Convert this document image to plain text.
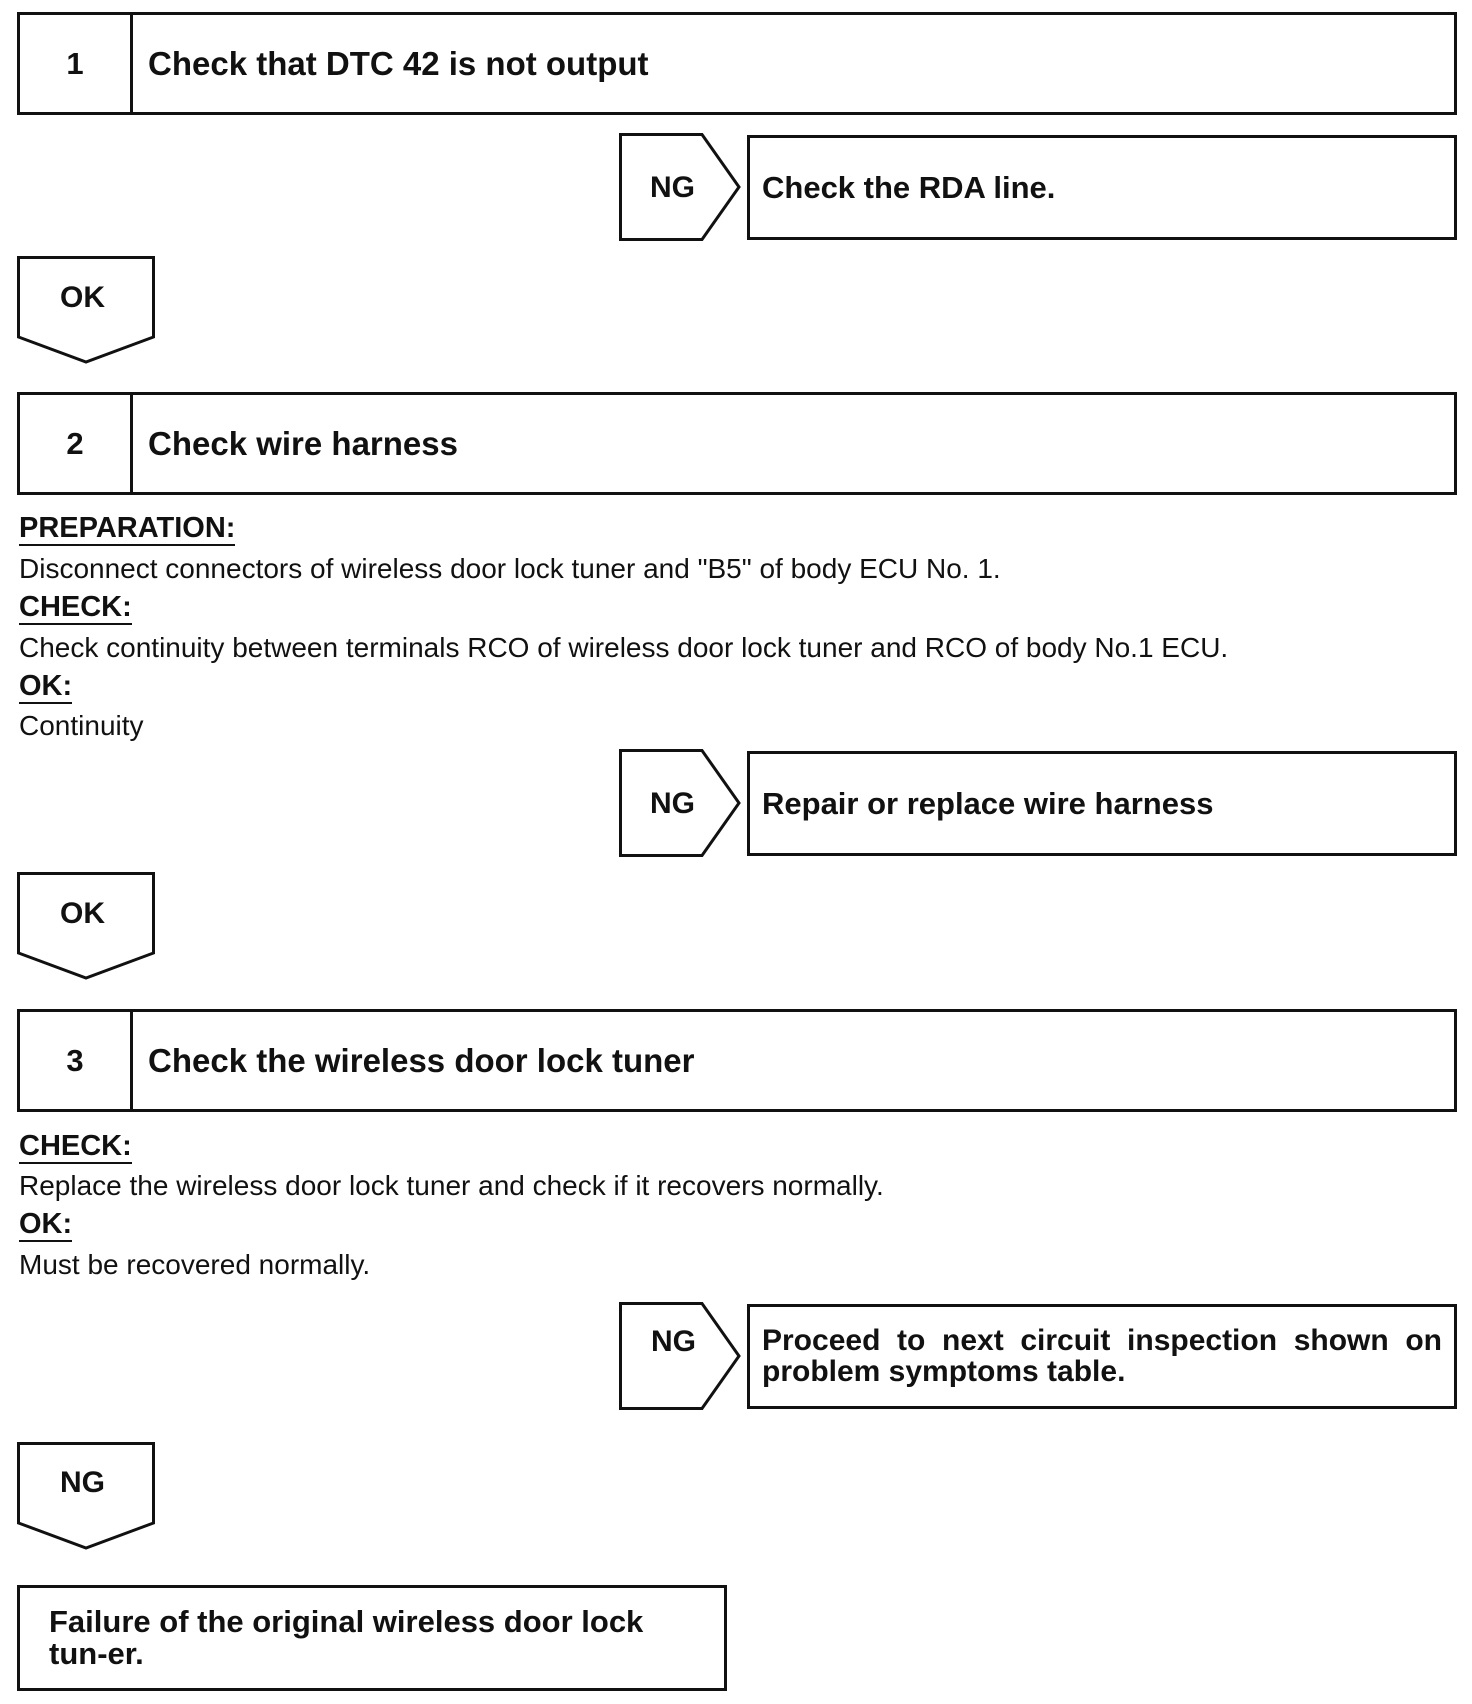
1	Check that DTC 42 is not output
NG	Check the RDA line.
OK
2	Check wire harness
PREPARATION:
Disconnect connectors of wireless door lock tuner and "B5" of body ECU No. 1.
CHECK:
Check continuity between terminals RCO of wireless door lock tuner and RCO of body No.1 ECU.
OK:
Continuity
NG	Repair or replace wire harness
OK
3	Check the wireless door lock tuner
CHECK:
Replace the wireless door lock tuner and check if it recovers normally.
OK:
Must be recovered normally.
NG	Proceed to next circuit inspection shown on problem symptoms table.
NG
Failure of the original wireless door lock tun-er.
